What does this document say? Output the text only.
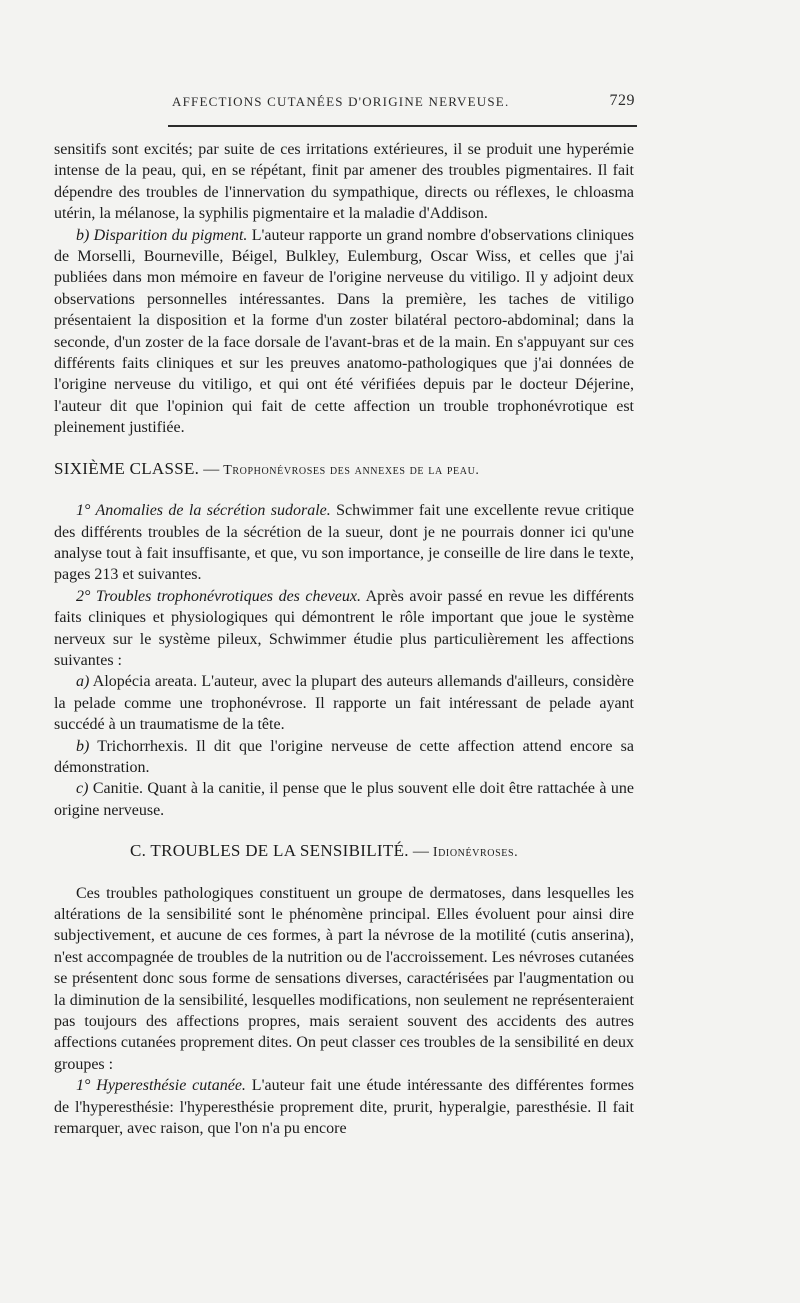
AFFECTIONS CUTANÉES D'ORIGINE NERVEUSE.	729

sensitifs sont excités; par suite de ces irritations extérieures, il se produit une hyperémie intense de la peau, qui, en se répétant, finit par amener des troubles pigmentaires. Il fait dépendre des troubles de l'innervation du sympathique, directs ou réflexes, le chloasma utérin, la mélanose, la syphilis pigmentaire et la maladie d'Addison.

b) Disparition du pigment. L'auteur rapporte un grand nombre d'observations cliniques de Morselli, Bourneville, Béigel, Bulkley, Eulemburg, Oscar Wiss, et celles que j'ai publiées dans mon mémoire en faveur de l'origine nerveuse du vitiligo. Il y adjoint deux observations personnelles intéressantes. Dans la première, les taches de vitiligo présentaient la disposition et la forme d'un zoster bilatéral pectoro-abdominal; dans la seconde, d'un zoster de la face dorsale de l'avant-bras et de la main. En s'appuyant sur ces différents faits cliniques et sur les preuves anatomo-pathologiques que j'ai données de l'origine nerveuse du vitiligo, et qui ont été vérifiées depuis par le docteur Déjerine, l'auteur dit que l'opinion qui fait de cette affection un trouble trophonévrotique est pleinement justifiée.

SIXIÈME CLASSE. — Trophonévroses des annexes de la peau.

1° Anomalies de la sécrétion sudorale. Schwimmer fait une excellente revue critique des différents troubles de la sécrétion de la sueur, dont je ne pourrais donner ici qu'une analyse tout à fait insuffisante, et que, vu son importance, je conseille de lire dans le texte, pages 213 et suivantes.

2° Troubles trophonévrotiques des cheveux. Après avoir passé en revue les différents faits cliniques et physiologiques qui démontrent le rôle important que joue le système nerveux sur le système pileux, Schwimmer étudie plus particulièrement les affections suivantes :

a) Alopécia areata. L'auteur, avec la plupart des auteurs allemands d'ailleurs, considère la pelade comme une trophonévrose. Il rapporte un fait intéressant de pelade ayant succédé à un traumatisme de la tête.

b) Trichorrhexis. Il dit que l'origine nerveuse de cette affection attend encore sa démonstration.

c) Canitie. Quant à la canitie, il pense que le plus souvent elle doit être rattachée à une origine nerveuse.

C. TROUBLES DE LA SENSIBILITÉ. — Idionévroses.

Ces troubles pathologiques constituent un groupe de dermatoses, dans lesquelles les altérations de la sensibilité sont le phénomène principal. Elles évoluent pour ainsi dire subjectivement, et aucune de ces formes, à part la névrose de la motilité (cutis anserina), n'est accompagnée de troubles de la nutrition ou de l'accroissement. Les névroses cutanées se présentent donc sous forme de sensations diverses, caractérisées par l'augmentation ou la diminution de la sensibilité, lesquelles modifications, non seulement ne représenteraient pas toujours des affections propres, mais seraient souvent des accidents des autres affections cutanées proprement dites. On peut classer ces troubles de la sensibilité en deux groupes :

1° Hyperesthésie cutanée. L'auteur fait une étude intéressante des différentes formes de l'hyperesthésie: l'hyperesthésie proprement dite, prurit, hyperalgie, paresthésie. Il fait remarquer, avec raison, que l'on n'a pu encore
